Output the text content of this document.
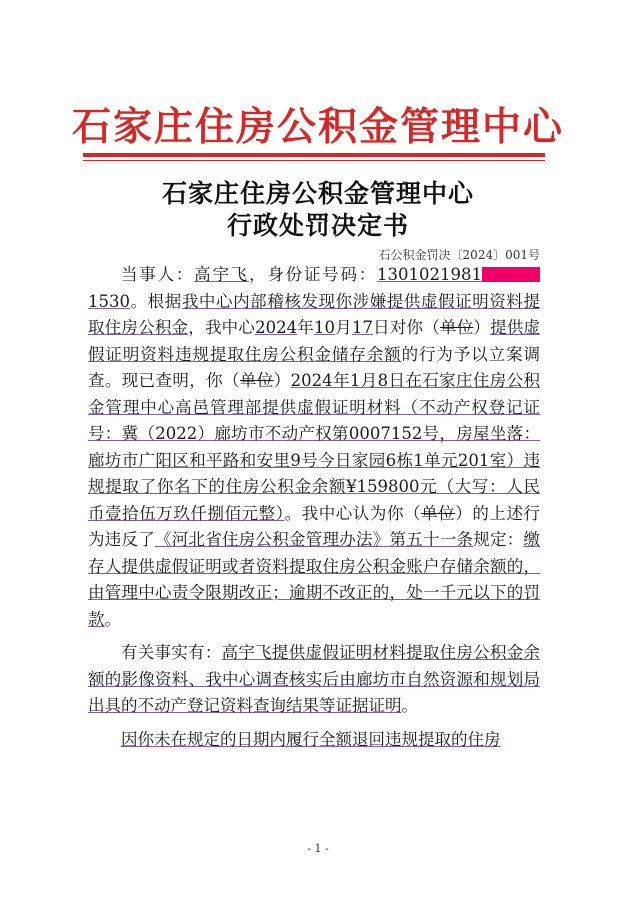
石家庄住房公积金管理中心
石家庄住房公积金管理中心
行政处罚决定书
石公积金罚决〔2024〕001号

当事人：高宇飞，身份证号码：13010219811530。根据我中心内部稽核发现你涉嫌提供虚假证明资料提取住房公积金，我中心2024年10月17日对你（单位）提供虚假证明资料违规提取住房公积金储存余额的行为予以立案调查。现已查明，你（单位）2024年1月8日在石家庄住房公积金管理中心高邑管理部提供虚假证明材料（不动产权登记证号：冀（2022）廊坊市不动产权第0007152号，房屋坐落：廊坊市广阳区和平路和安里9号今日家园6栋1单元201室）违规提取了你名下的住房公积金余额¥159800元（大写：人民币壹拾伍万玖仟捌佰元整）。我中心认为你（单位）的上述行为违反了《河北省住房公积金管理办法》第五十一条规定：缴存人提供虚假证明或者资料提取住房公积金账户存储余额的，由管理中心责令限期改正；逾期不改正的，处一千元以下的罚款。

有关事实有：高宇飞提供虚假证明材料提取住房公积金余额的影像资料、我中心调查核实后由廊坊市自然资源和规划局出具的不动产登记资料查询结果等证据证明。

因你未在规定的日期内履行全额退回违规提取的住房

- 1 -
